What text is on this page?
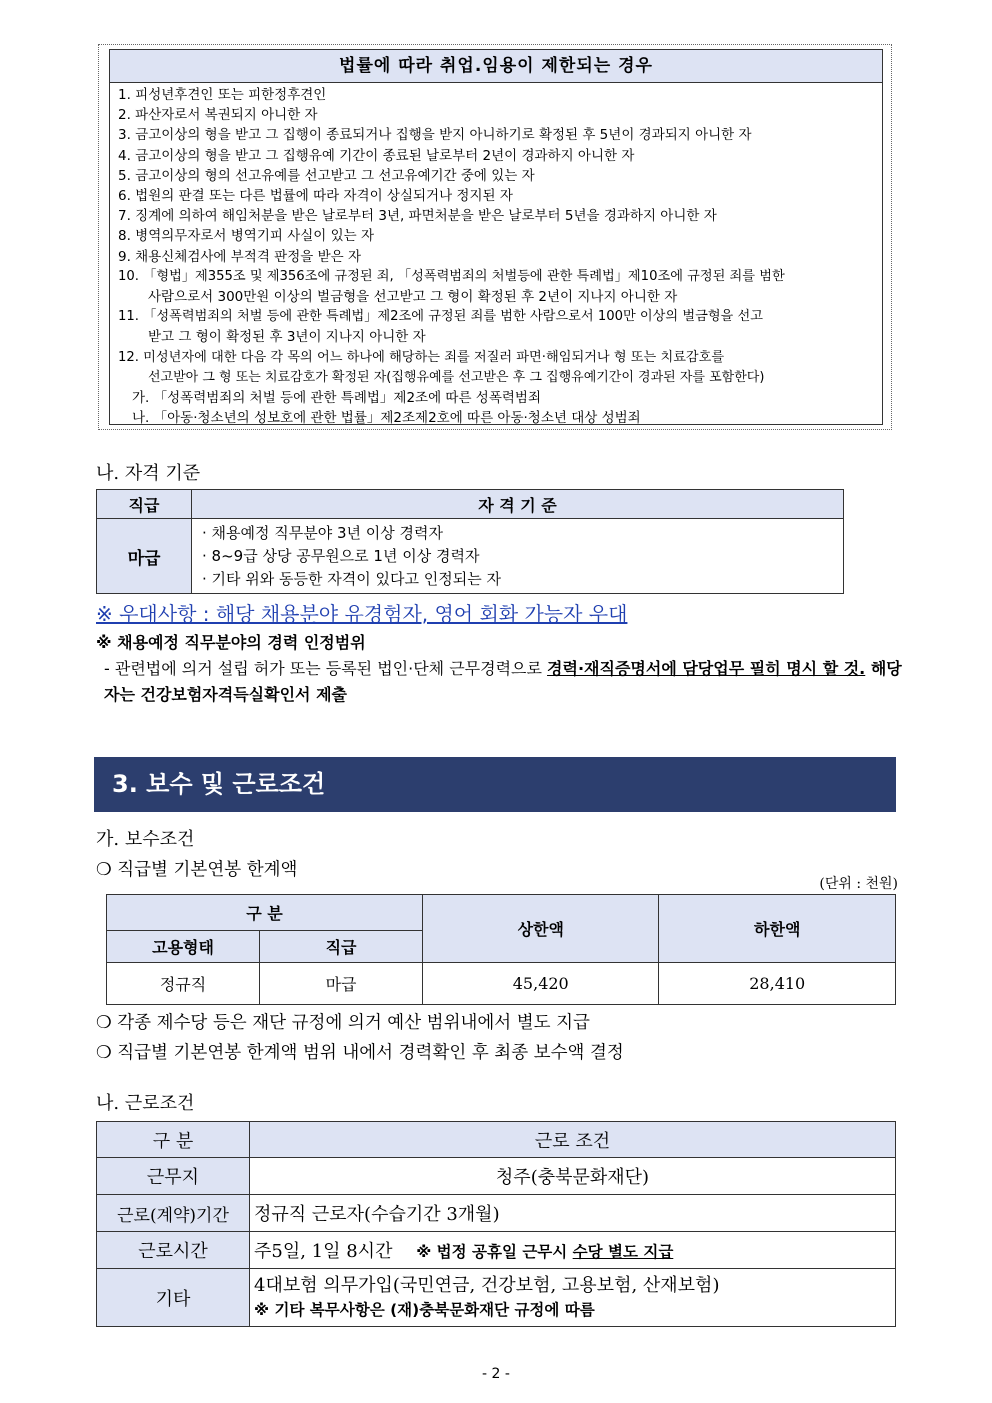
법률에 따라 취업.임용이 제한되는 경우
1. 피성년후견인 또는 피한정후견인
2. 파산자로서 복권되지 아니한 자
3. 금고이상의 형을 받고 그 집행이 종료되거나 집행을 받지 아니하기로 확정된 후 5년이 경과되지 아니한 자
4. 금고이상의 형을 받고 그 집행유예 기간이 종료된 날로부터 2년이 경과하지 아니한 자
5. 금고이상의 형의 선고유예를 선고받고 그 선고유예기간 중에 있는 자
6. 법원의 판결 또는 다른 법률에 따라 자격이 상실되거나 정지된 자
7. 징계에 의하여 해임처분을 받은 날로부터 3년, 파면처분을 받은 날로부터 5년을 경과하지 아니한 자
8. 병역의무자로서 병역기피 사실이 있는 자
9. 채용신체검사에 부적격 판정을 받은 자
10. 「형법」제355조 및 제356조에 규정된 죄, 「성폭력범죄의 처벌등에 관한 특례법」제10조에 규정된 죄를 범한
사람으로서 300만원 이상의 벌금형을 선고받고 그 형이 확정된 후 2년이 지나지 아니한 자
11. 「성폭력범죄의 처벌 등에 관한 특례법」제2조에 규정된 죄를 범한 사람으로서 100만 이상의 벌금형을 선고
받고 그 형이 확정된 후 3년이 지나지 아니한 자
12. 미성년자에 대한 다음 각 목의 어느 하나에 해당하는 죄를 저질러 파면·해임되거나 형 또는 치료감호를
선고받아 그 형 또는 치료감호가 확정된 자(집행유예를 선고받은 후 그 집행유예기간이 경과된 자를 포함한다)
가. 「성폭력범죄의 처벌 등에 관한 특례법」제2조에 따른 성폭력범죄
나. 「아동·청소년의 성보호에 관한 법률」제2조제2호에 따른 아동·청소년 대상 성범죄
나. 자격 기준
직급	자 격 기 준
마급	· 채용예정 직무분야 3년 이상 경력자
· 8~9급 상당 공무원으로 1년 이상 경력자
· 기타 위와 동등한 자격이 있다고 인정되는 자
※ 우대사항 : 해당 채용분야 유경험자, 영어 회화 가능자 우대
※ 채용예정 직무분야의 경력 인정범위
- 관련법에 의거 설립 허가 또는 등록된 법인·단체 근무경력으로 경력·재직증명서에 담당업무 필히 명시 할 것. 해당자는 건강보험자격득실확인서 제출
3. 보수 및 근로조건
가. 보수조건
❍ 직급별 기본연봉 한계액
(단위 : 천원)
구 분		상한액	하한액
고용형태	직급		
정규직	마급	45,420	28,410
❍ 각종 제수당 등은 재단 규정에 의거 예산 범위내에서 별도 지급
❍ 직급별 기본연봉 한계액 범위 내에서 경력확인 후 최종 보수액 결정
나. 근로조건
구 분	근로 조건
근무지	청주(충북문화재단)
근로(계약)기간	정규직 근로자(수습기간 3개월)
근로시간	주5일, 1일 8시간 ※ 법정 공휴일 근무시 수당 별도 지급
기타	4대보험 의무가입(국민연금, 건강보험, 고용보험, 산재보험)
※ 기타 복무사항은 (재)충북문화재단 규정에 따름
- 2 -
